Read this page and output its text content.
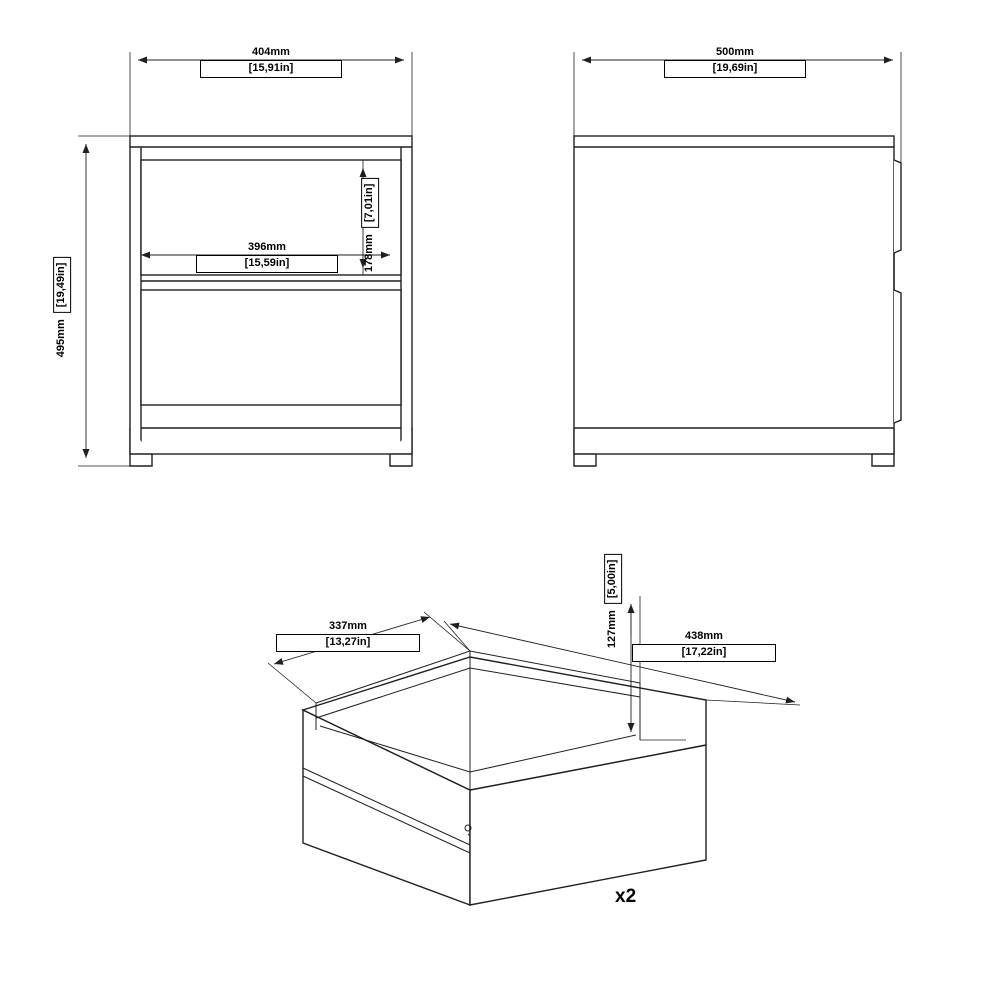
404mm
[15,91in]
495mm [19,49in]
396mm
[15,59in]	178mm [7,01in]
500mm
[19,69in]
337mm
[13,27in]	438mm
[17,22in]
127mm [5,00in]
x2
